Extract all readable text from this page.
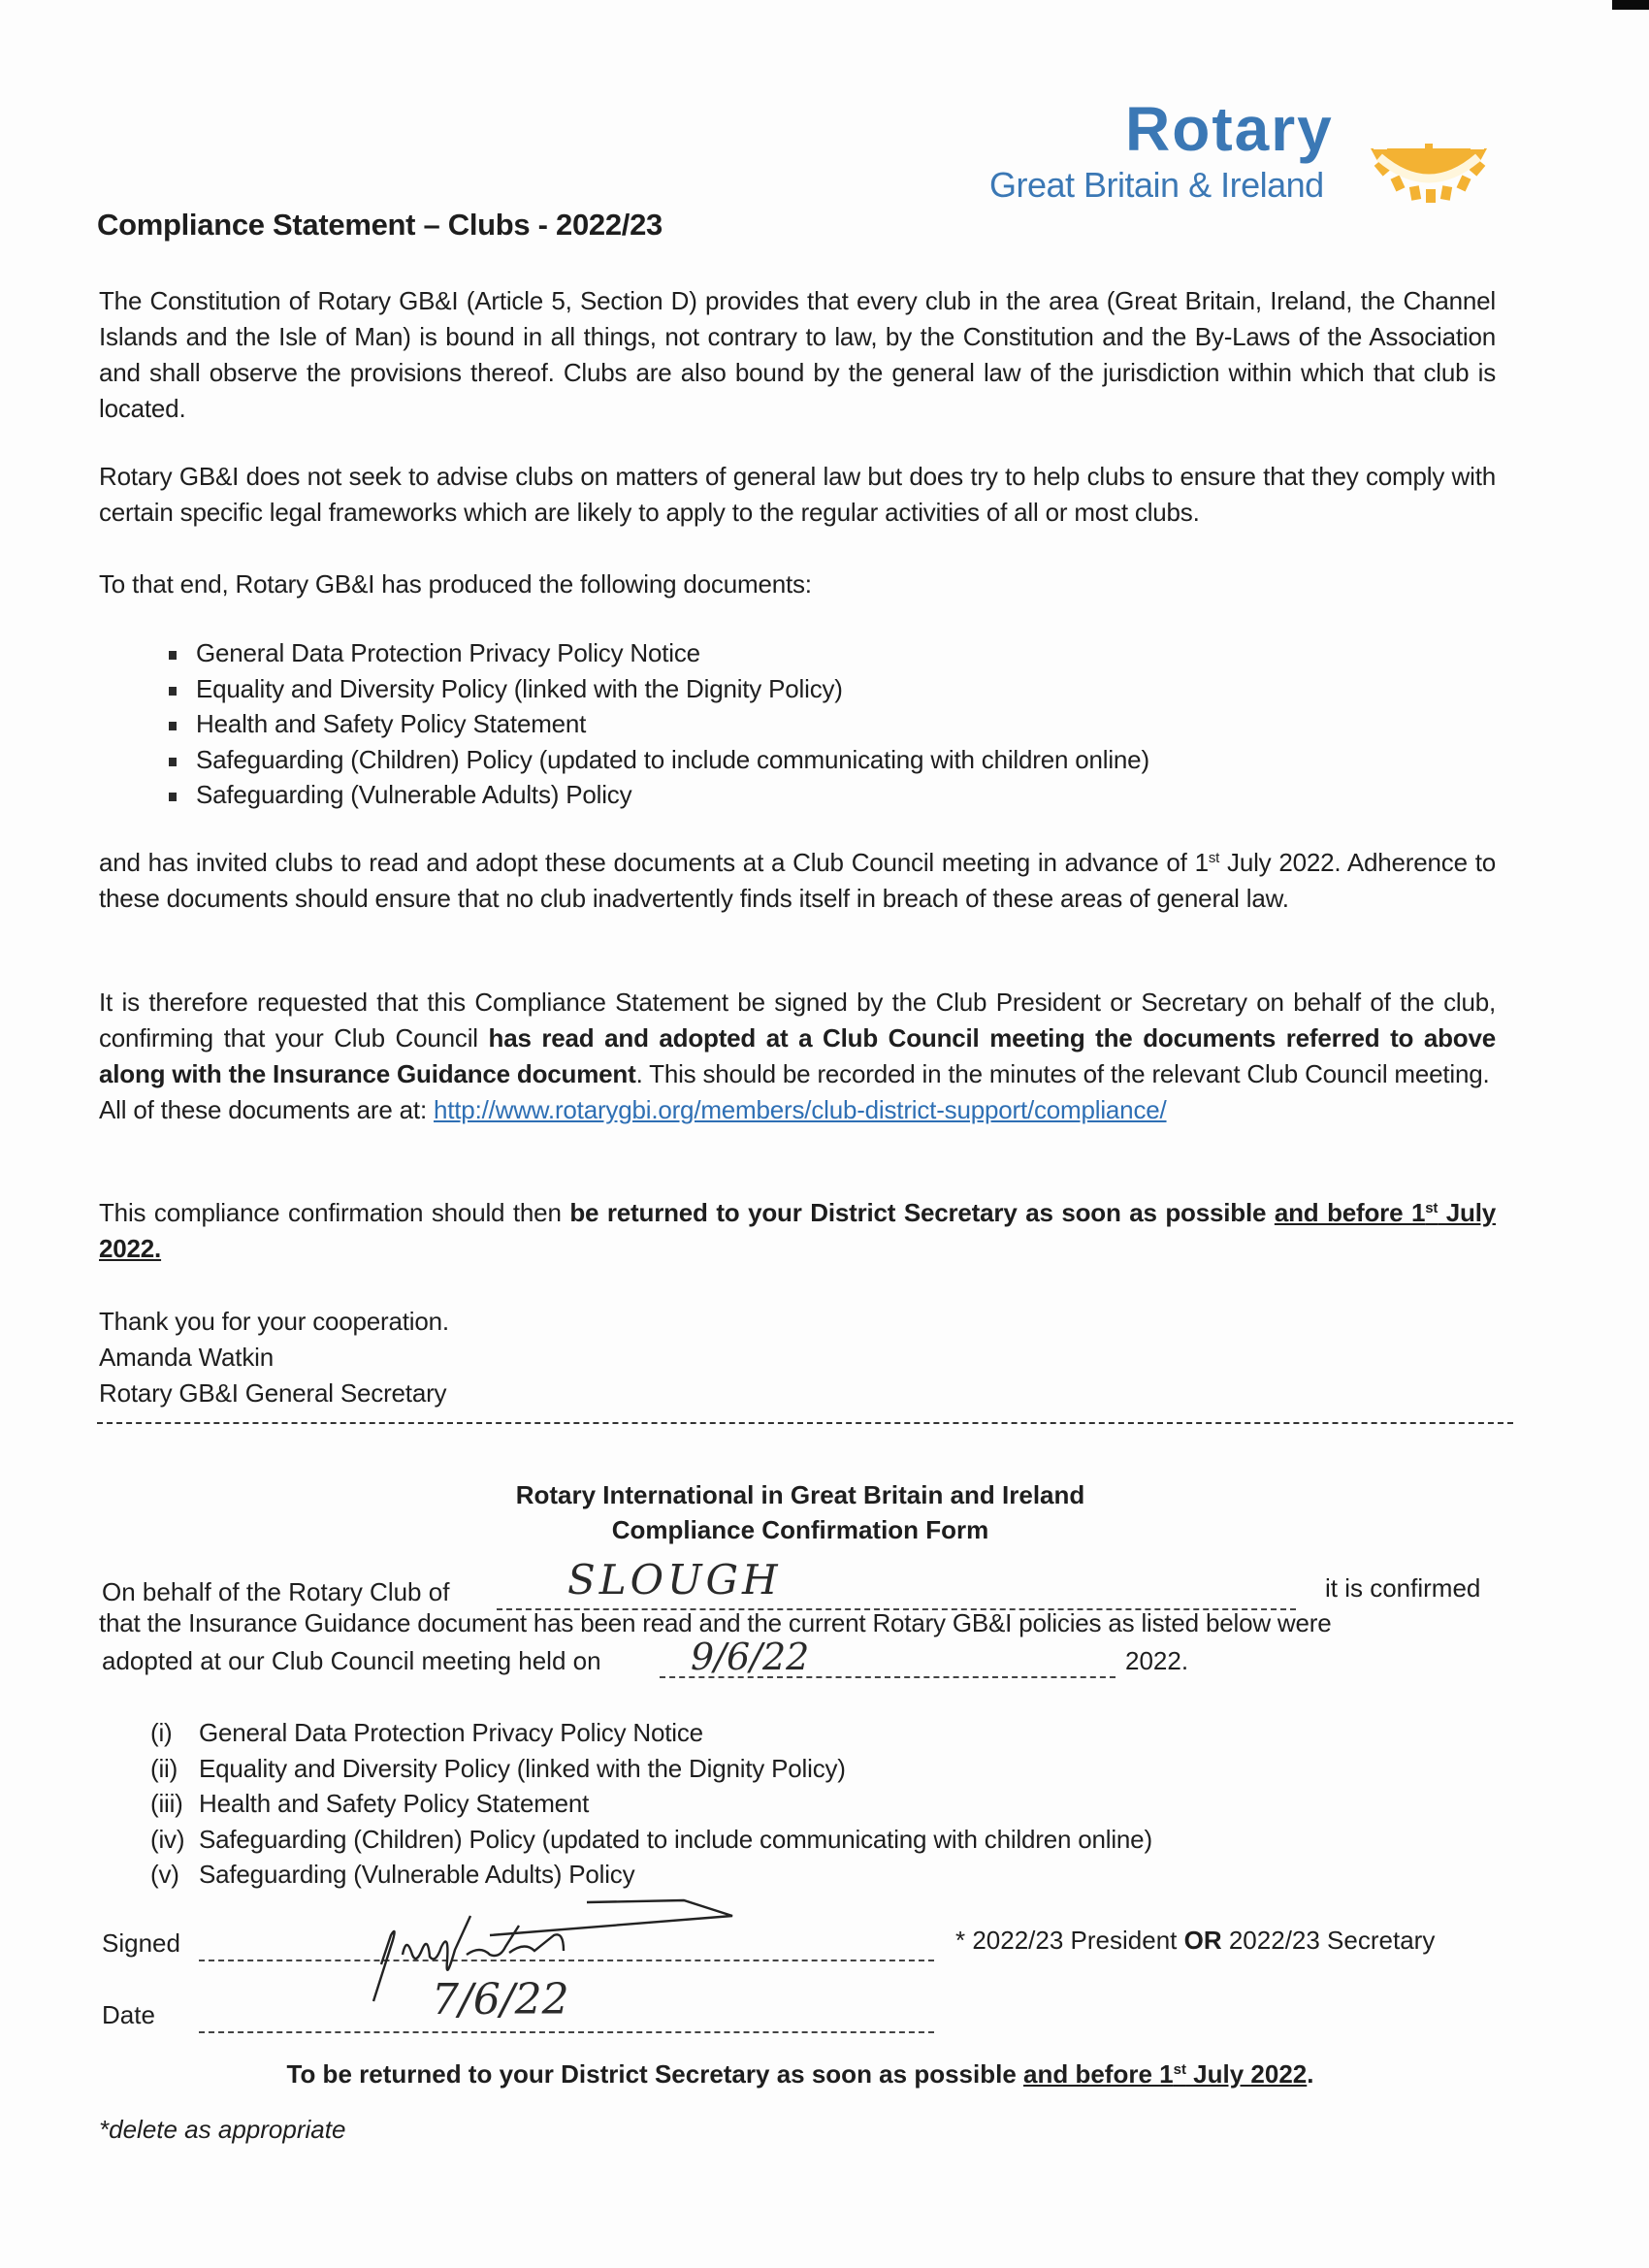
Rotary
Great Britain & Ireland
Compliance Statement – Clubs - 2022/23
The Constitution of Rotary GB&I (Article 5, Section D) provides that every club in the area (Great Britain, Ireland, the Channel Islands and the Isle of Man) is bound in all things, not contrary to law, by the Constitution and the By-Laws of the Association and shall observe the provisions thereof. Clubs are also bound by the general law of the jurisdiction within which that club is located.
Rotary GB&I does not seek to advise clubs on matters of general law but does try to help clubs to ensure that they comply with certain specific legal frameworks which are likely to apply to the regular activities of all or most clubs.
To that end, Rotary GB&I has produced the following documents:
General Data Protection Privacy Policy Notice
Equality and Diversity Policy (linked with the Dignity Policy)
Health and Safety Policy Statement
Safeguarding (Children) Policy (updated to include communicating with children online)
Safeguarding (Vulnerable Adults) Policy
and has invited clubs to read and adopt these documents at a Club Council meeting in advance of 1st July 2022. Adherence to these documents should ensure that no club inadvertently finds itself in breach of these areas of general law.
It is therefore requested that this Compliance Statement be signed by the Club President or Secretary on behalf of the club, confirming that your Club Council has read and adopted at a Club Council meeting the documents referred to above along with the Insurance Guidance document. This should be recorded in the minutes of the relevant Club Council meeting.
All of these documents are at: http://www.rotarygbi.org/members/club-district-support/compliance/
This compliance confirmation should then be returned to your District Secretary as soon as possible and before 1st July 2022.
Thank you for your cooperation.
Amanda Watkin
Rotary GB&I General Secretary
Rotary International in Great Britain and Ireland
Compliance Confirmation Form
On behalf of the Rotary Club of	SLOUGH	it is confirmed
that the Insurance Guidance document has been read and the current Rotary GB&I policies as listed below were
adopted at our Club Council meeting held on 9/6/22	2022.
(i) General Data Protection Privacy Policy Notice
(ii) Equality and Diversity Policy (linked with the Dignity Policy)
(iii) Health and Safety Policy Statement
(iv) Safeguarding (Children) Policy (updated to include communicating with children online)
(v) Safeguarding (Vulnerable Adults) Policy
Signed	* 2022/23 President OR 2022/23 Secretary
Date	7/6/22
To be returned to your District Secretary as soon as possible and before 1st July 2022.
*delete as appropriate
